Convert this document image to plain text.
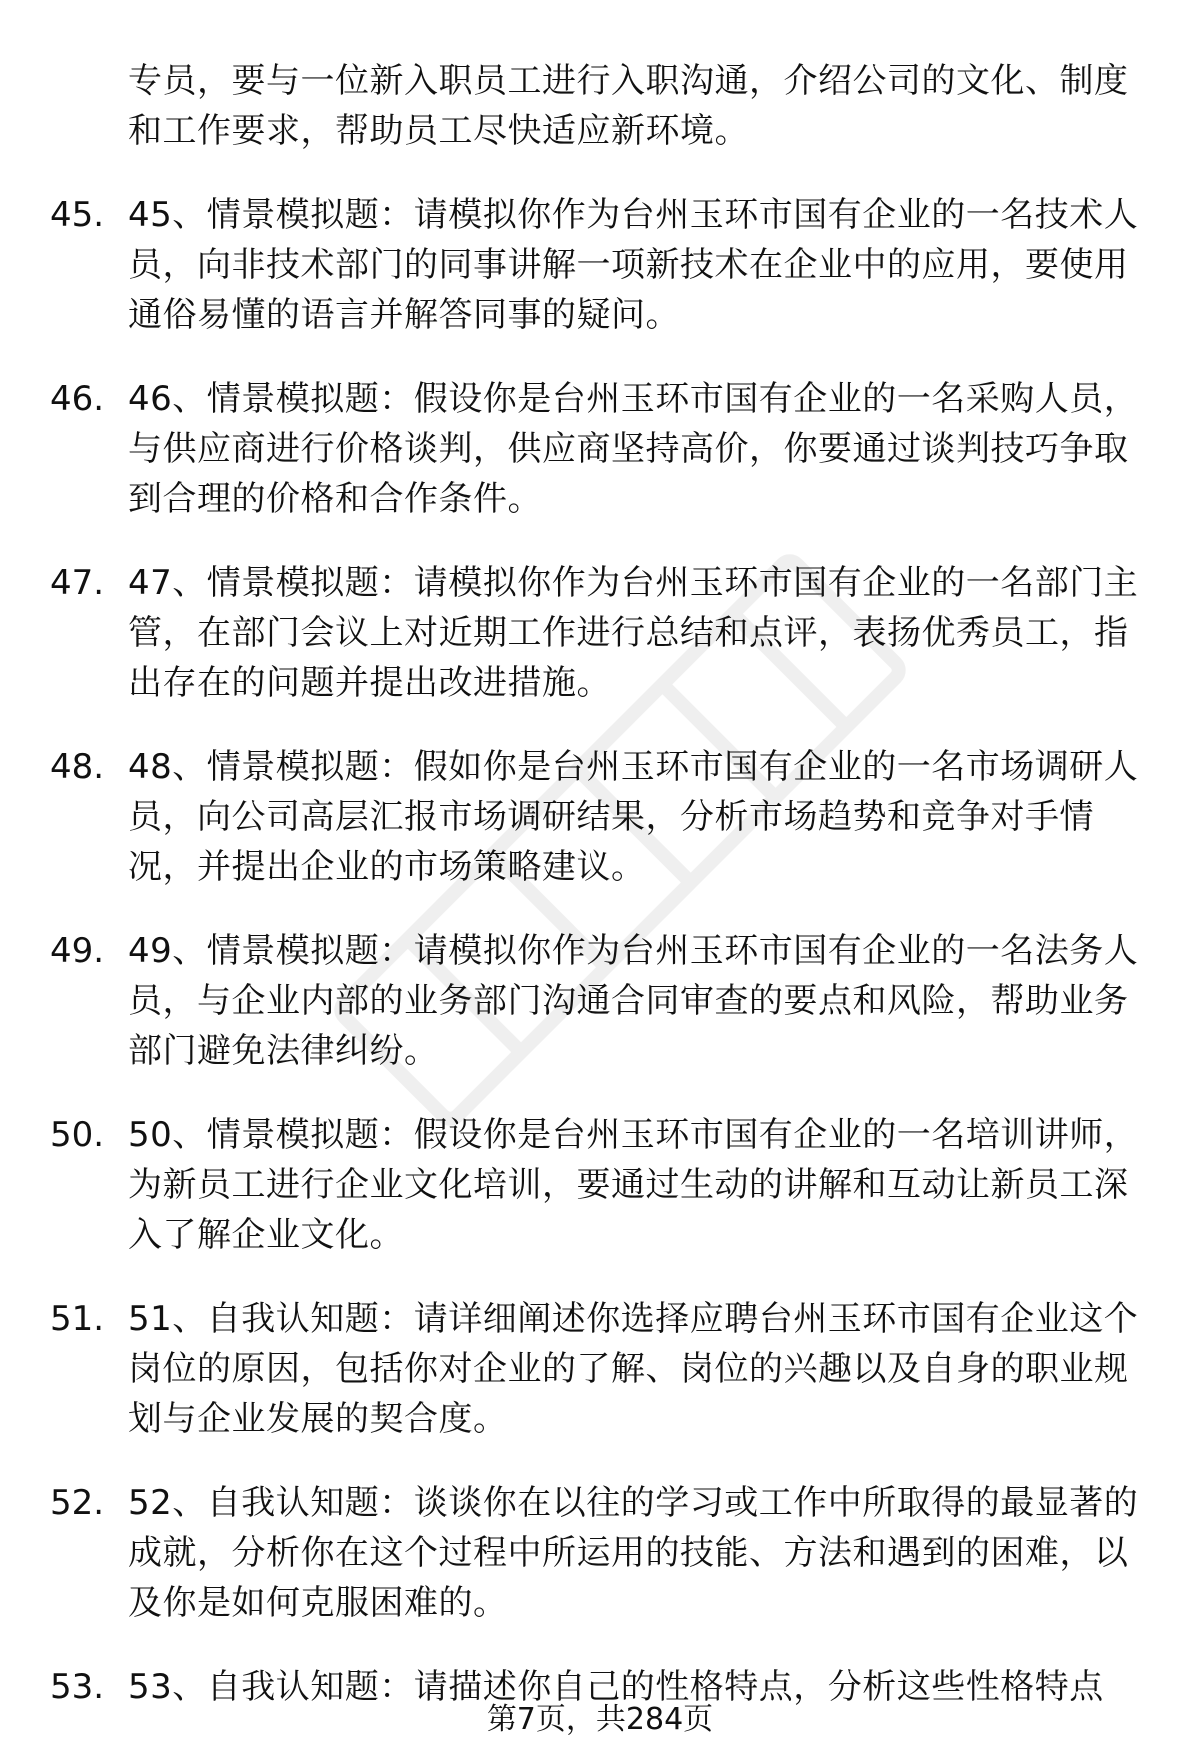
专员，要与一位新入职员工进行入职沟通，介绍公司的文化、制度和工作要求，帮助员工尽快适应新环境。
45. 45、情景模拟题：请模拟你作为台州玉环市国有企业的一名技术人员，向非技术部门的同事讲解一项新技术在企业中的应用，要使用通俗易懂的语言并解答同事的疑问。
46. 46、情景模拟题：假设你是台州玉环市国有企业的一名采购人员，与供应商进行价格谈判，供应商坚持高价，你要通过谈判技巧争取到合理的价格和合作条件。
47. 47、情景模拟题：请模拟你作为台州玉环市国有企业的一名部门主管，在部门会议上对近期工作进行总结和点评，表扬优秀员工，指出存在的问题并提出改进措施。
48. 48、情景模拟题：假如你是台州玉环市国有企业的一名市场调研人员，向公司高层汇报市场调研结果，分析市场趋势和竞争对手情况，并提出企业的市场策略建议。
49. 49、情景模拟题：请模拟你作为台州玉环市国有企业的一名法务人员，与企业内部的业务部门沟通合同审查的要点和风险，帮助业务部门避免法律纠纷。
50. 50、情景模拟题：假设你是台州玉环市国有企业的一名培训讲师，为新员工进行企业文化培训，要通过生动的讲解和互动让新员工深入了解企业文化。
51. 51、自我认知题：请详细阐述你选择应聘台州玉环市国有企业这个岗位的原因，包括你对企业的了解、岗位的兴趣以及自身的职业规划与企业发展的契合度。
52. 52、自我认知题：谈谈你在以往的学习或工作中所取得的最显著的成就，分析你在这个过程中所运用的技能、方法和遇到的困难，以及你是如何克服困难的。
53. 53、自我认知题：请描述你自己的性格特点，分析这些性格特点
第7页，共284页
